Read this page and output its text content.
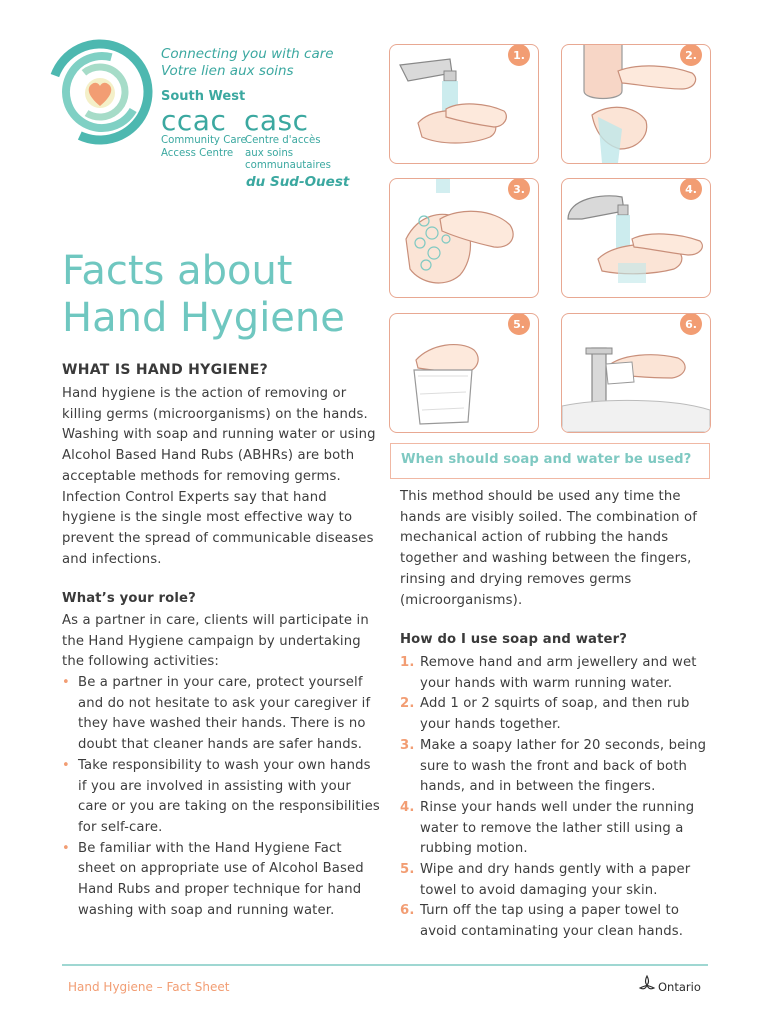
Connecting you with care
Votre lien aux soins
South West
ccac casc
Community Care Access Centre
Centre d'accès aux soins communautaires
du Sud-Ouest
Facts about
Hand Hygiene
1.	2.
3.	4.
5.	6.
WHAT IS HAND HYGIENE?
Hand hygiene is the action of removing or killing germs (microorganisms) on the hands. Washing with soap and running water or using Alcohol Based Hand Rubs (ABHRs) are both acceptable methods for removing germs. Infection Control Experts say that hand hygiene is the single most effective way to prevent the spread of communicable diseases and infections.
What’s your role?
As a partner in care, clients will participate in the Hand Hygiene campaign by undertaking the following activities:
• Be a partner in your care, protect yourself and do not hesitate to ask your caregiver if they have washed their hands. There is no doubt that cleaner hands are safer hands.
• Take responsibility to wash your own hands if you are involved in assisting with your care or you are taking on the responsibilities for self-care.
• Be familiar with the Hand Hygiene Fact sheet on appropriate use of Alcohol Based Hand Rubs and proper technique for hand washing with soap and running water.
When should soap and water be used?
This method should be used any time the hands are visibly soiled. The combination of mechanical action of rubbing the hands together and washing between the fingers, rinsing and drying removes germs (microorganisms).
How do I use soap and water?
1. Remove hand and arm jewellery and wet your hands with warm running water.
2. Add 1 or 2 squirts of soap, and then rub your hands together.
3. Make a soapy lather for 20 seconds, being sure to wash the front and back of both hands, and in between the fingers.
4. Rinse your hands well under the running water to remove the lather still using a rubbing motion.
5. Wipe and dry hands gently with a paper towel to avoid damaging your skin.
6. Turn off the tap using a paper towel to avoid contaminating your clean hands.
Hand Hygiene – Fact Sheet	Ontario
